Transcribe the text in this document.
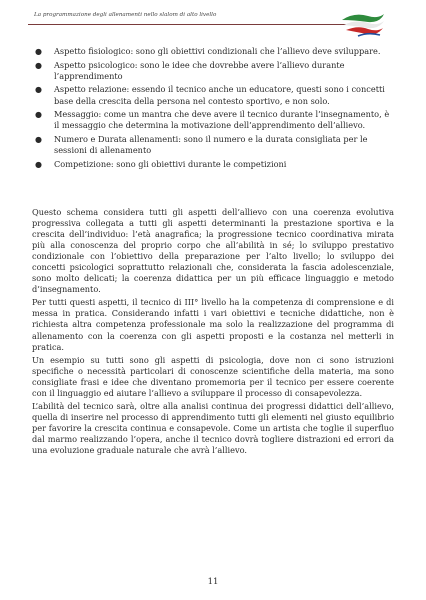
La programmazione degli allenamenti nello slalom di alto livello
● Aspetto fisiologico: sono gli obiettivi condizionali che l’allievo deve sviluppare.
● Aspetto psicologico: sono le idee che dovrebbe avere l’allievo durante l’apprendimento
● Aspetto relazione: essendo il tecnico anche un educatore, questi sono i concetti base della crescita della persona nel contesto sportivo, e non solo.
● Messaggio: come un mantra che deve avere il tecnico durante l’insegnamento, è il messaggio che determina la motivazione dell’apprendimento dell’allievo.
● Numero e Durata allenamenti: sono il numero e la durata consigliata per le sessioni di allenamento
● Competizione: sono gli obiettivi durante le competizioni

Questo schema considera tutti gli aspetti dell’allievo con una coerenza evolutiva progressiva collegata a tutti gli aspetti determinanti la prestazione sportiva e la crescita dell’individuo: l’età anagrafica; la progressione tecnico coordinativa mirata più alla conoscenza del proprio corpo che all’abilità in sé; lo sviluppo prestativo condizionale con l’obiettivo della preparazione per l’alto livello; lo sviluppo dei concetti psicologici soprattutto relazionali che, considerata la fascia adolescenziale, sono molto delicati; la coerenza didattica per un più efficace linguaggio e metodo d’insegnamento.

Per tutti questi aspetti, il tecnico di III° livello ha la competenza di comprensione e di messa in pratica. Considerando infatti i vari obiettivi e tecniche didattiche, non è richiesta altra competenza professionale ma solo la realizzazione del programma di allenamento con la coerenza con gli aspetti proposti e la costanza nel metterli in pratica.

Un esempio su tutti sono gli aspetti di psicologia, dove non ci sono istruzioni specifiche o necessità particolari di conoscenze scientifiche della materia, ma sono consigliate frasi e idee che diventano promemoria per il tecnico per essere coerente con il linguaggio ed aiutare l’allievo a sviluppare il processo di consapevolezza.

L’abilità del tecnico sarà, oltre alla analisi continua dei progressi didattici dell’allievo, quella di inserire nel processo di apprendimento tutti gli elementi nel giusto equilibrio per favorire la crescita continua e consapevole. Come un artista che toglie il superfluo dal marmo realizzando l’opera, anche il tecnico dovrà togliere distrazioni ed errori da una evoluzione graduale naturale che avrà l’allievo.

11
